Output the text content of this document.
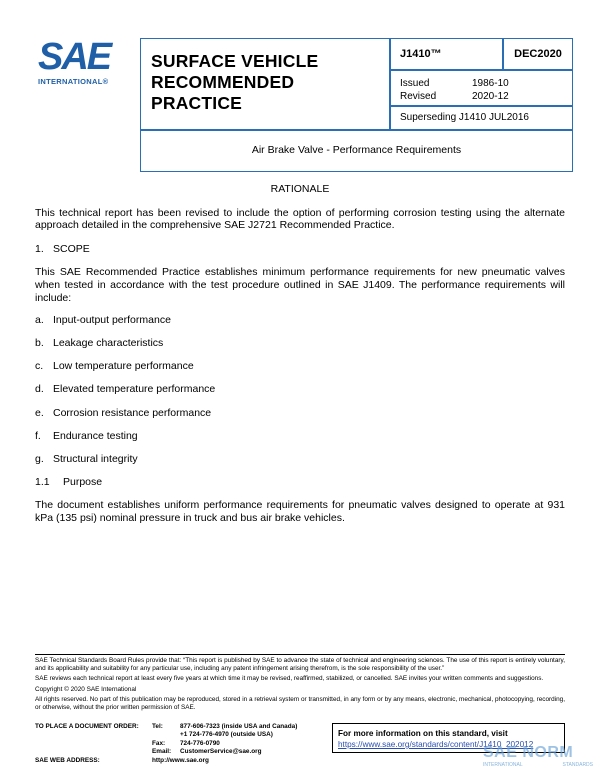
SAE
INTERNATIONAL®
SURFACE VEHICLE
RECOMMENDED PRACTICE
J1410™	DEC2020
Issued	1986-10
Revised	2020-12
Superseding J1410 JUL2016
Air Brake Valve - Performance Requirements
RATIONALE
This technical report has been revised to include the option of performing corrosion testing using the alternate approach detailed in the comprehensive SAE J2721 Recommended Practice.
1. SCOPE
This SAE Recommended Practice establishes minimum performance requirements for new pneumatic valves when tested in accordance with the test procedure outlined in SAE J1409. The performance requirements will include:
a. Input-output performance
b. Leakage characteristics
c. Low temperature performance
d. Elevated temperature performance
e. Corrosion resistance performance
f.	Endurance testing
g. Structural integrity
1.1	Purpose
The document establishes uniform performance requirements for pneumatic valves designed to operate at 931 kPa (135 psi) nominal pressure in truck and bus air brake vehicles.

SAE Technical Standards Board Rules provide that: “This report is published by SAE to advance the state of technical and engineering sciences. The use of this report is entirely voluntary, and its applicability and suitability for any particular use, including any patent infringement arising therefrom, is the sole responsibility of the user.”

SAE reviews each technical report at least every five years at which time it may be revised, reaffirmed, stabilized, or cancelled. SAE invites your written comments and suggestions.

Copyright © 2020 SAE International

All rights reserved. No part of this publication may be reproduced, stored in a retrieval system or transmitted, in any form or by any means, electronic, mechanical, photocopying, recording, or otherwise, without the prior written permission of SAE.

TO PLACE A DOCUMENT ORDER:	Tel:	877-606-7323 (inside USA and Canada)
+1 724-776-4970 (outside USA)
Fax:	724-776-0790
Email:	CustomerService@sae.org
SAE WEB ADDRESS:	http://www.sae.org
For more information on this standard, visit
https://www.sae.org/standards/content/J1410_202012
SAE NORM
INTERNATIONAL	STANDARDS
